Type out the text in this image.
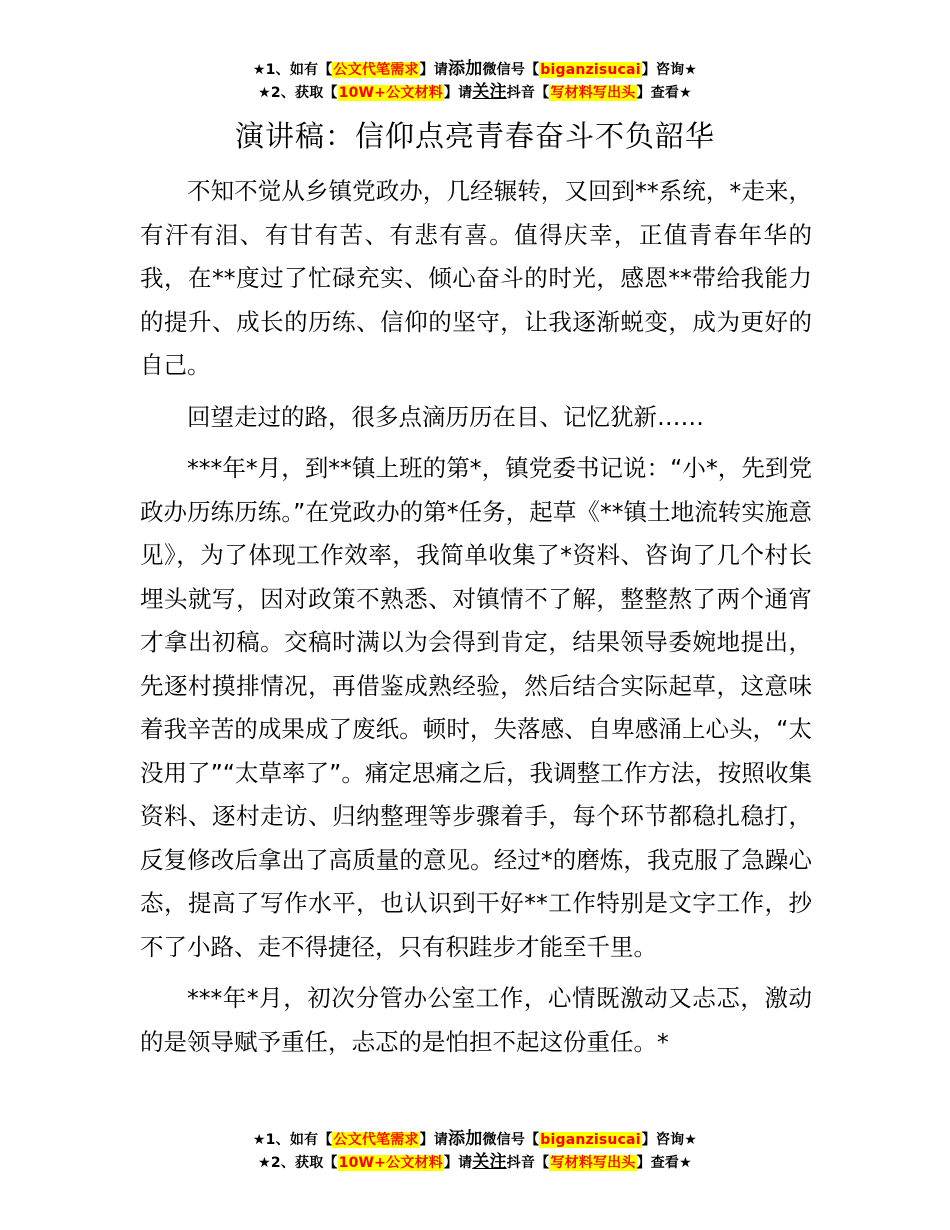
★1、如有【公文代笔需求】请添加微信号【biganzisucai】咨询★
★2、获取【10W+公文材料】请关注抖音【写材料写出头】查看★
演讲稿：信仰点亮青春奋斗不负韶华

不知不觉从乡镇党政办，几经辗转，又回到**系统，*走来，有汗有泪、有甘有苦、有悲有喜。值得庆幸，正值青春年华的我，在**度过了忙碌充实、倾心奋斗的时光，感恩**带给我能力的提升、成长的历练、信仰的坚守，让我逐渐蜕变，成为更好的自己。

回望走过的路，很多点滴历历在目、记忆犹新……

***年*月，到**镇上班的第*，镇党委书记说：“小*，先到党政办历练历练。”在党政办的第*任务，起草《**镇土地流转实施意见》，为了体现工作效率，我简单收集了*资料、咨询了几个村长埋头就写，因对政策不熟悉、对镇情不了解，整整熬了两个通宵才拿出初稿。交稿时满以为会得到肯定，结果领导委婉地提出，先逐村摸排情况，再借鉴成熟经验，然后结合实际起草，这意味着我辛苦的成果成了废纸。顿时，失落感、自卑感涌上心头，“太没用了”“太草率了”。痛定思痛之后，我调整工作方法，按照收集资料、逐村走访、归纳整理等步骤着手，每个环节都稳扎稳打，反复修改后拿出了高质量的意见。经过*的磨炼，我克服了急躁心态，提高了写作水平，也认识到干好**工作特别是文字工作，抄不了小路、走不得捷径，只有积跬步才能至千里。

***年*月，初次分管办公室工作，心情既激动又忐忑，激动的是领导赋予重任，忐忑的是怕担不起这份重任。*

★1、如有【公文代笔需求】请添加微信号【biganzisucai】咨询★
★2、获取【10W+公文材料】请关注抖音【写材料写出头】查看★
